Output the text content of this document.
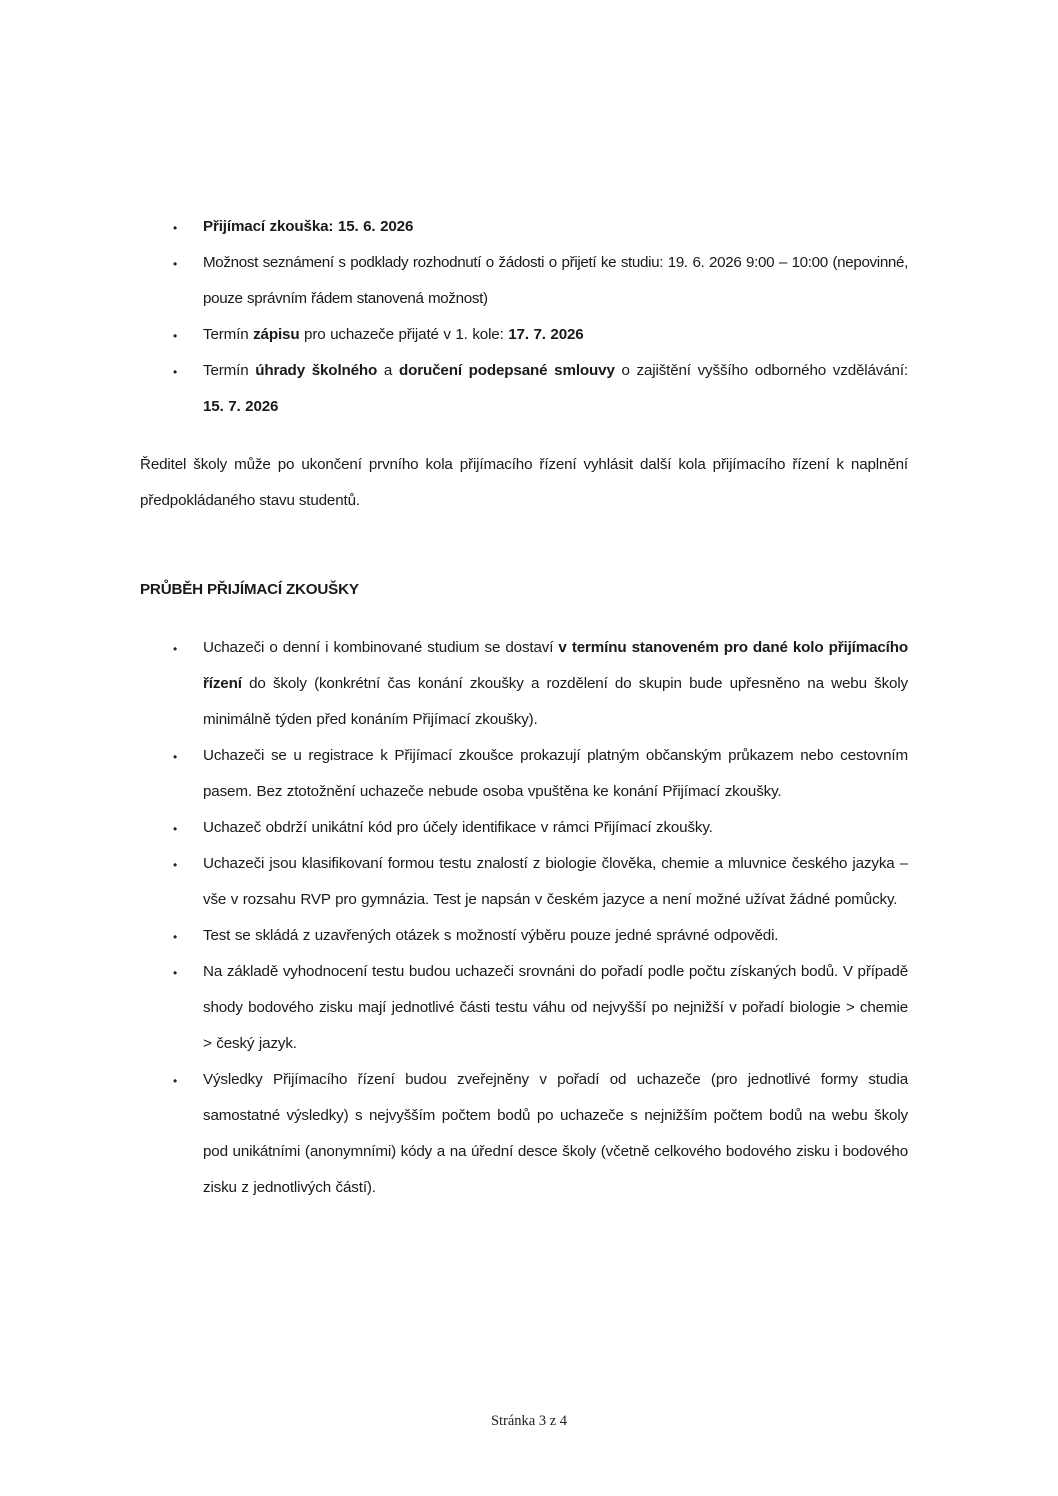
• Přijímací zkouška: 15. 6. 2026
• Možnost seznámení s podklady rozhodnutí o žádosti o přijetí ke studiu: 19. 6. 2026 9:00 – 10:00 (nepovinné, pouze správním řádem stanovená možnost)
• Termín zápisu pro uchazeče přijaté v 1. kole: 17. 7. 2026
• Termín úhrady školného a doručení podepsané smlouvy o zajištění vyššího odborného vzdělávání: 15. 7. 2026

Ředitel školy může po ukončení prvního kola přijímacího řízení vyhlásit další kola přijímacího řízení k naplnění předpokládaného stavu studentů.

PRŮBĚH PŘIJÍMACÍ ZKOUŠKY
• Uchazeči o denní i kombinované studium se dostaví v termínu stanoveném pro dané kolo přijímacího řízení do školy (konkrétní čas konání zkoušky a rozdělení do skupin bude upřesněno na webu školy minimálně týden před konáním Přijímací zkoušky).
• Uchazeči se u registrace k Přijímací zkoušce prokazují platným občanským průkazem nebo cestovním pasem. Bez ztotožnění uchazeče nebude osoba vpuštěna ke konání Přijímací zkoušky.
• Uchazeč obdrží unikátní kód pro účely identifikace v rámci Přijímací zkoušky.
• Uchazeči jsou klasifikovaní formou testu znalostí z biologie člověka, chemie a mluvnice českého jazyka – vše v rozsahu RVP pro gymnázia. Test je napsán v českém jazyce a není možné užívat žádné pomůcky.
• Test se skládá z uzavřených otázek s možností výběru pouze jedné správné odpovědi.
• Na základě vyhodnocení testu budou uchazeči srovnáni do pořadí podle počtu získaných bodů. V případě shody bodového zisku mají jednotlivé části testu váhu od nejvyšší po nejnižší v pořadí biologie > chemie > český jazyk.
• Výsledky Přijímacího řízení budou zveřejněny v pořadí od uchazeče (pro jednotlivé formy studia samostatné výsledky) s nejvyšším počtem bodů po uchazeče s nejnižším počtem bodů na webu školy pod unikátními (anonymními) kódy a na úřední desce školy (včetně celkového bodového zisku i bodového zisku z jednotlivých částí).
Stránka 3 z 4
